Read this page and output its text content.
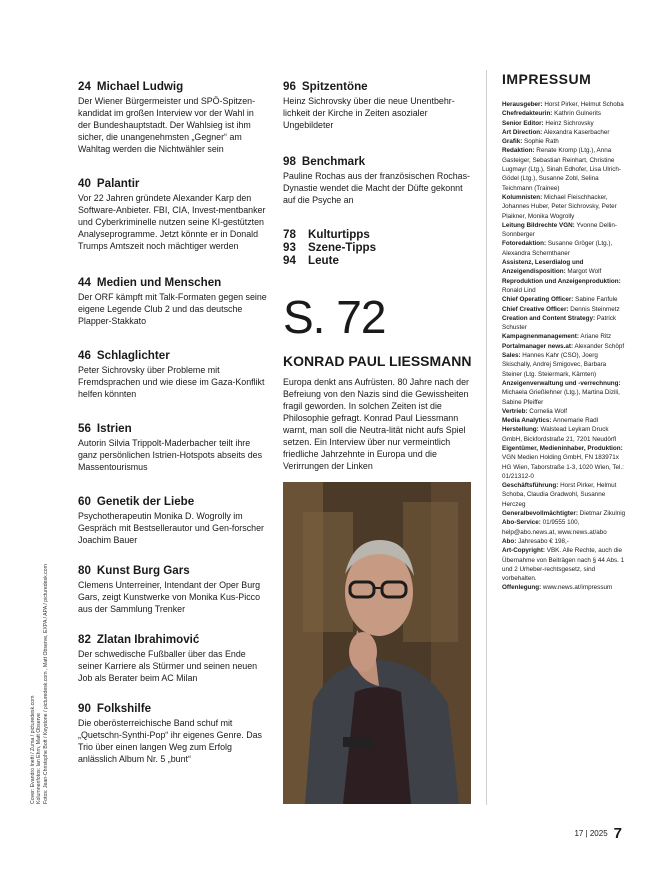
24 Michael Ludwig
Der Wiener Bürgermeister und SPÖ-Spitzen-kandidat im großen Interview vor der Wahl in der Bundeshauptstadt. Der Wahlsieg ist ihm sicher, die unangenehmsten „Gegner“ am Wahltag werden die Nichtwähler sein
40 Palantir
Vor 22 Jahren gründete Alexander Karp den Software-Anbieter. FBI, CIA, Invest-mentbanker und Cyberkriminelle nutzen seine KI-gestützten Analyseprogramme. Jetzt könnte er in Donald Trumps Amtszeit noch mächtiger werden
44 Medien und Menschen
Der ORF kämpft mit Talk-Formaten gegen seine eigene Legende Club 2 und das deutsche Plapper-Stakkato
46 Schlaglichter
Peter Sichrovsky über Probleme mit Fremdsprachen und wie diese im Gaza-Konflikt helfen könnten
56 Istrien
Autorin Silvia Trippolt-Maderbacher teilt ihre ganz persönlichen Istrien-Hotspots abseits des Massentourismus
60 Genetik der Liebe
Psychotherapeutin Monika D. Wogrolly im Gespräch mit Bestsellerautor und Gen-forscher Joachim Bauer
80 Kunst Burg Gars
Clemens Unterreiner, Intendant der Oper Burg Gars, zeigt Kunstwerke von Monika Kus-Picco aus der Sammlung Trenker
82 Zlatan Ibrahimović
Der schwedische Fußballer über das Ende seiner Karriere als Stürmer und seinen neuen Job als Berater beim AC Milan
90 Folkshilfe
Die oberösterreichische Band schuf mit „Quetschn-Synthi-Pop“ ihr eigenes Genre. Das Trio über einen langen Weg zum Erfolg anlässlich Album Nr. 5 „bunt“
96 Spitzentöne
Heinz Sichrovsky über die neue Unentbehr-lichkeit der Kirche in Zeiten asozialer Ungebildeter
98 Benchmark
Pauline Rochas aus der französischen Rochas-Dynastie wendet die Macht der Düfte gekonnt auf die Psyche an
78 Kulturtipps
93 Szene-Tipps
94 Leute
S. 72
KONRAD PAUL LIESSMANN
Europa denkt ans Aufrüsten. 80 Jahre nach der Befreiung von den Nazis sind die Gewissheiten fragil geworden. In solchen Zeiten ist die Philosophie gefragt. Konrad Paul Liessmann warnt, man soll die Neutra-lität nicht aufs Spiel setzen. Ein Interview über nur vermeintlich friedliche Jahrzehnte in Europa und die Verirrungen der Linken
IMPRESSUM
Herausgeber: Horst Pirker, Helmut Schoba
Chefredakteurin: Kathrin Gulnerits
Senior Editor: Heinz Sichrovsky
Art Direction: Alexandra Kaserbacher
Grafik: Sophie Rath
Redaktion: Renate Kromp (Ltg.), Anna Gasteiger, Sebastian Reinhart, Christine Lugmayr (Ltg.), Sinah Edhofer, Lisa Ulrich-Gödel (Ltg.), Susanne Zobl, Selina Teichmann (Trainee)
Kolumnisten: Michael Fleischhacker, Johannes Huber, Peter Sichrovsky, Peter Plaikner, Monika Wogrolly
Leitung Bildrechte VGN: Yvonne Dellin-Sonnberger
Fotoredaktion: Susanne Gröger (Ltg.), Alexandra Schernthaner
Assistenz, Leserdialog und Anzeigendisposition: Margot Wolf
Reproduktion und Anzeigenproduktion: Ronald Lind
Chief Operating Officer: Sabine Fanfule
Chief Creative Officer: Dennis Steinmetz
Creation and Content Strategy: Patrick Schuster
Kampagnenmanagement: Ariane Ritz
Portalmanager news.at: Alexander Schöpf
Sales: Hannes Kahr (CSO), Joerg Skischally, Andrej Smigovec, Barbara Steiner (Ltg. Steiermark, Kärnten)
Anzeigenverwaltung und -verrechnung: Michaela Grießlehner (Ltg.), Martina Dizili, Sabine Pfeiffer
Vertrieb: Cornelia Wolf
Media Analytics: Annemarie Radl
Herstellung: Walstead Leykam Druck GmbH, Bickfordstraße 21, 7201 Neudörfl
Eigentümer, Medieninhaber, Produktion: VGN Medien Holding GmbH, FN 183971x HG Wien, Taborstraße 1-3, 1020 Wien, Tel.: 01/21312-0
Geschäftsführung: Horst Pirker, Helmut Schoba, Claudia Gradwohl, Susanne Herczeg
Generalbevollmächtigter: Dietmar Zikulnig
Abo-Service: 01/9555 100, help@abo.news.at, www.news.at/abo
Abo: Jahresabo € 198,-
Art-Copyright: VBK. Alle Rechte, auch die Übernahme von Beiträgen nach § 44 Abs. 1 und 2 Urheber-rechtsgesetz, sind vorbehalten.
Offenlegung: www.news.at/impressum
Cover: Evandro Inetti / Zuma / picturedesk.com Kolumnenfotos: Ian Ehm, Matt Observe Fotos: Jean-Christophe Bott / Keystone / picturedesk.com , Matt Observe, EXPA / APA / picturedesk.com
17 | 2025 7
